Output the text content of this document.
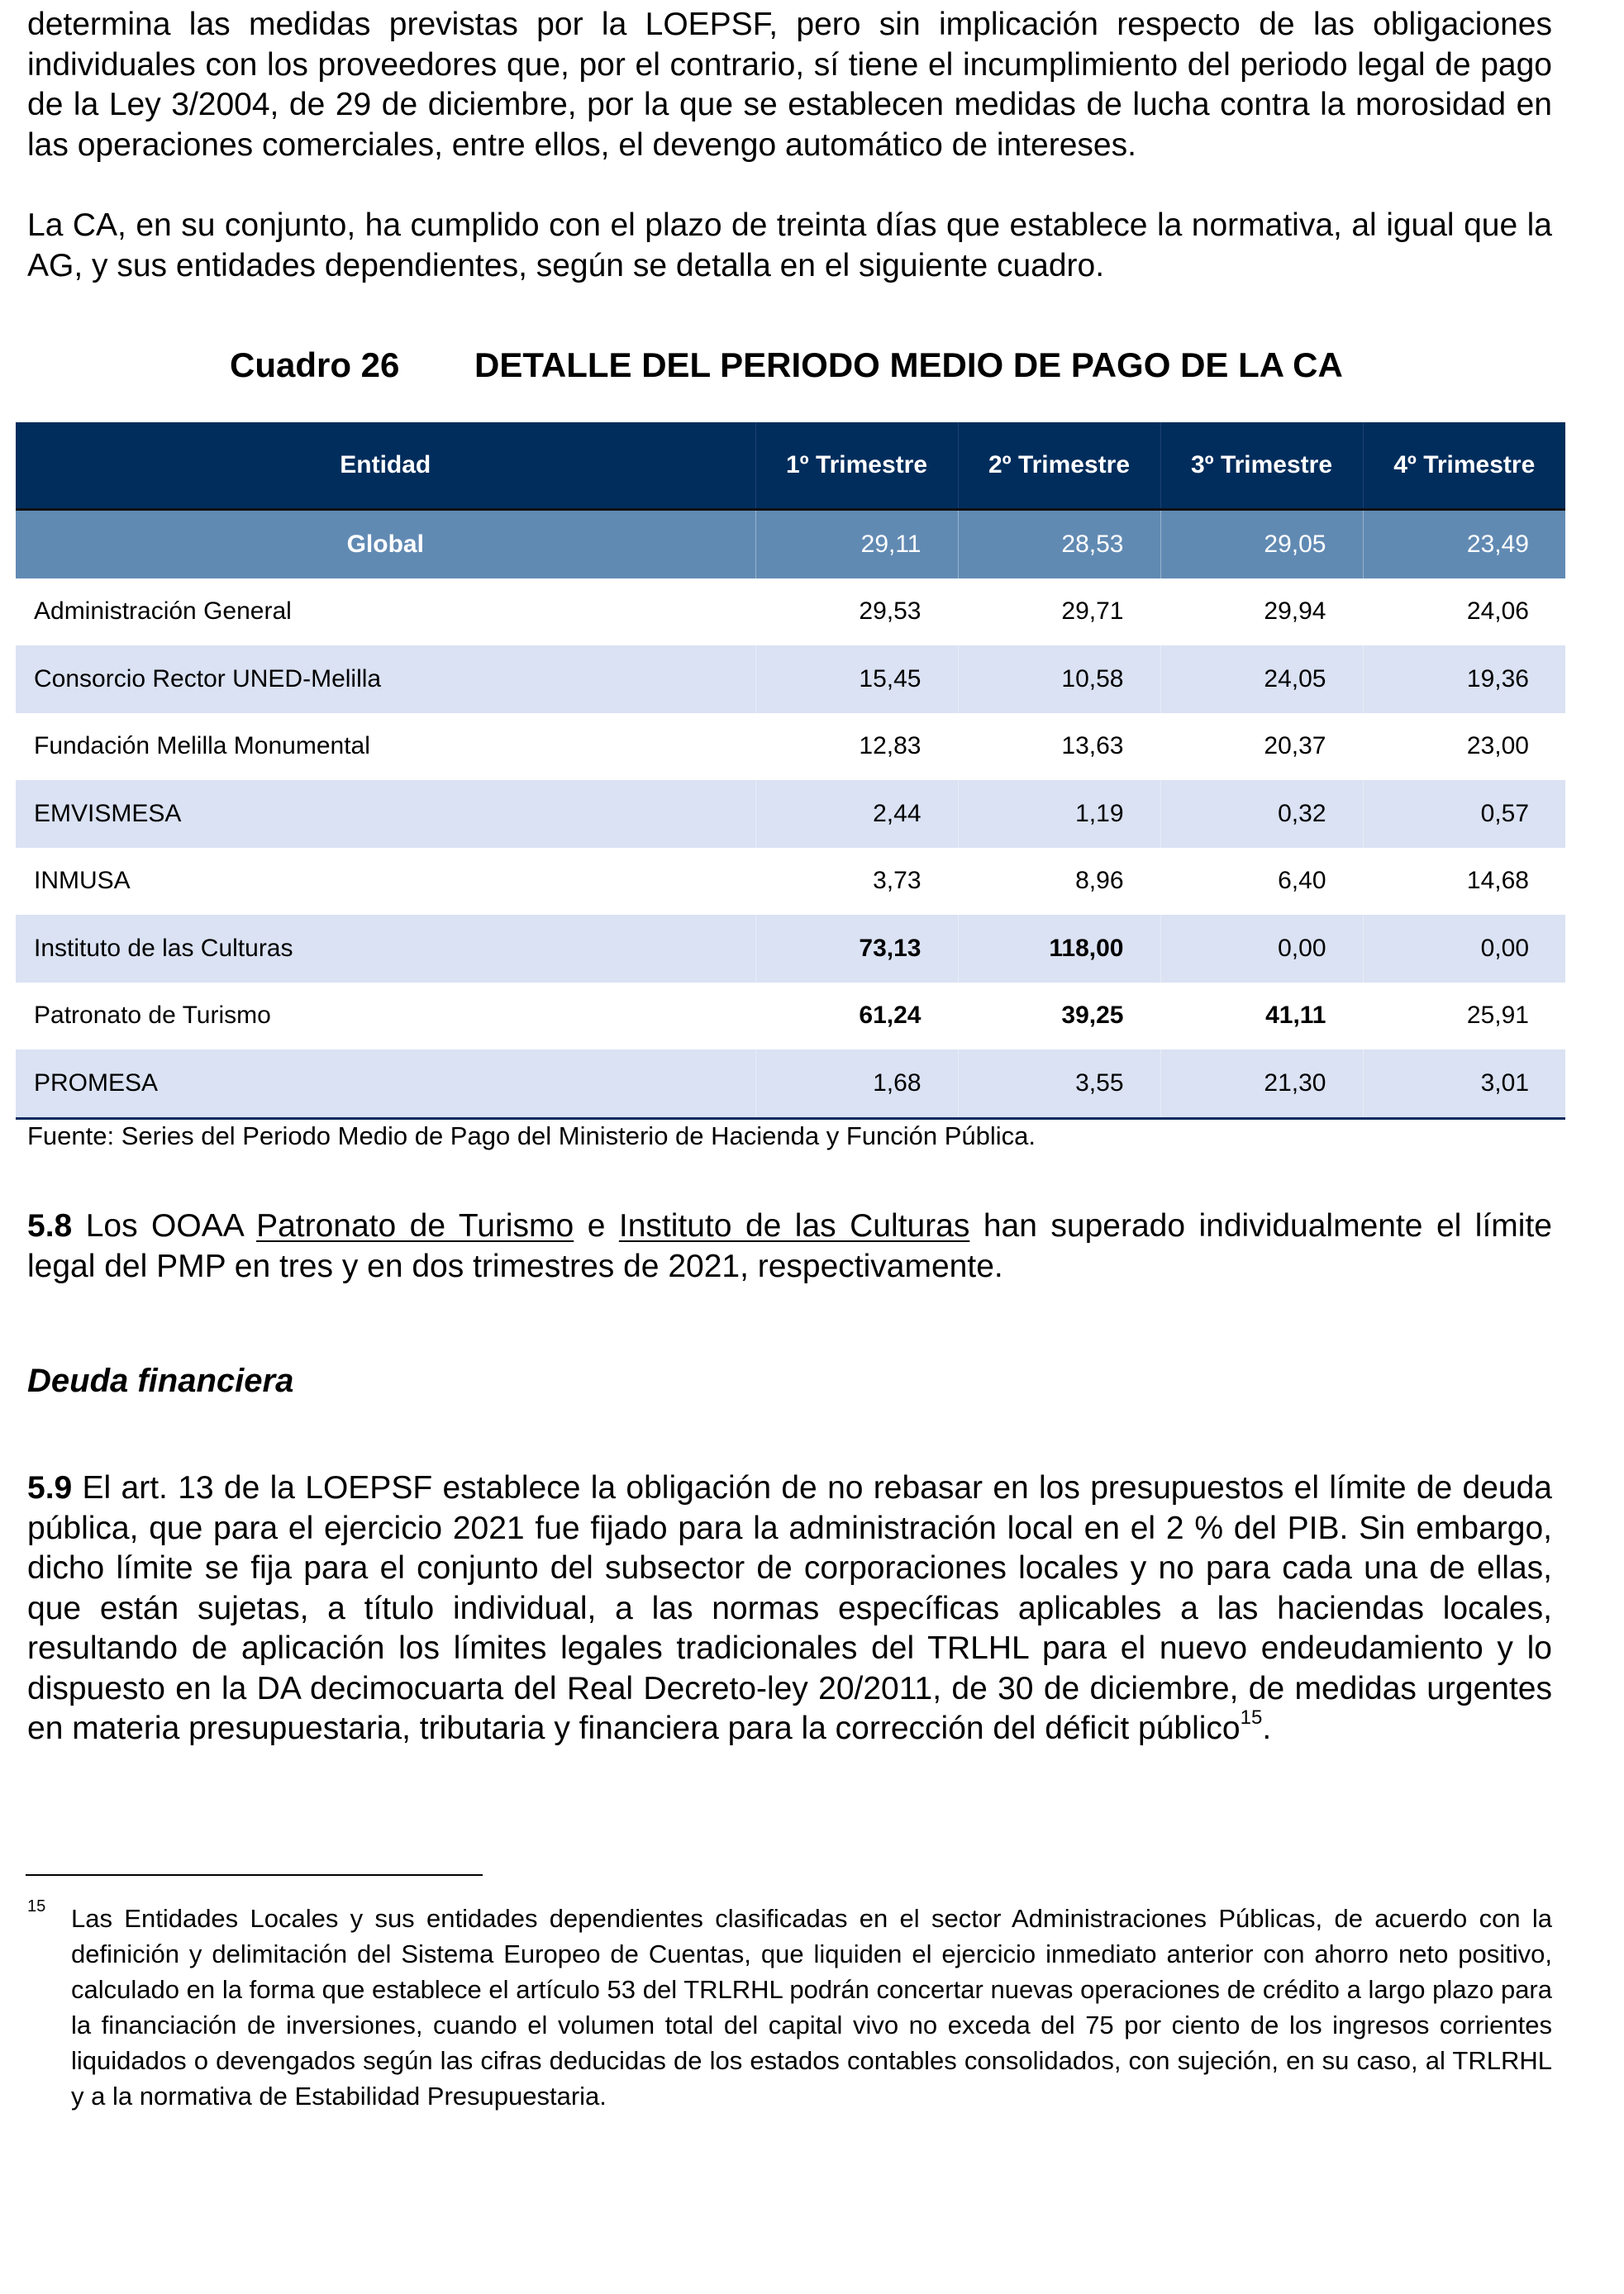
determina las medidas previstas por la LOEPSF, pero sin implicación respecto de las obligaciones individuales con los proveedores que, por el contrario, sí tiene el incumplimiento del periodo legal de pago de la Ley 3/2004, de 29 de diciembre, por la que se establecen medidas de lucha contra la morosidad en las operaciones comerciales, entre ellos, el devengo automático de intereses.

La CA, en su conjunto, ha cumplido con el plazo de treinta días que establece la normativa, al igual que la AG, y sus entidades dependientes, según se detalla en el siguiente cuadro.

Cuadro 26 DETALLE DEL PERIODO MEDIO DE PAGO DE LA CA
Entidad	1º Trimestre	2º Trimestre	3º Trimestre	4º Trimestre
Global	29,11	28,53	29,05	23,49
Administración General	29,53	29,71	29,94	24,06
Consorcio Rector UNED-Melilla	15,45	10,58	24,05	19,36
Fundación Melilla Monumental	12,83	13,63	20,37	23,00
EMVISMESA	2,44	1,19	0,32	0,57
INMUSA	3,73	8,96	6,40	14,68
Instituto de las Culturas	73,13	118,00	0,00	0,00
Patronato de Turismo	61,24	39,25	41,11	25,91
PROMESA	1,68	3,55	21,30	3,01
Fuente: Series del Periodo Medio de Pago del Ministerio de Hacienda y Función Pública.

5.8 Los OOAA Patronato de Turismo e Instituto de las Culturas han superado individualmente el límite legal del PMP en tres y en dos trimestres de 2021, respectivamente.

Deuda financiera

5.9 El art. 13 de la LOEPSF establece la obligación de no rebasar en los presupuestos el límite de deuda pública, que para el ejercicio 2021 fue fijado para la administración local en el 2 % del PIB. Sin embargo, dicho límite se fija para el conjunto del subsector de corporaciones locales y no para cada una de ellas, que están sujetas, a título individual, a las normas específicas aplicables a las haciendas locales, resultando de aplicación los límites legales tradicionales del TRLHL para el nuevo endeudamiento y lo dispuesto en la DA decimocuarta del Real Decreto-ley 20/2011, de 30 de diciembre, de medidas urgentes en materia presupuestaria, tributaria y financiera para la corrección del déficit público$^{15}$.

15 Las Entidades Locales y sus entidades dependientes clasificadas en el sector Administraciones Públicas, de acuerdo con la definición y delimitación del Sistema Europeo de Cuentas, que liquiden el ejercicio inmediato anterior con ahorro neto positivo, calculado en la forma que establece el artículo 53 del TRLRHL podrán concertar nuevas operaciones de crédito a largo plazo para la financiación de inversiones, cuando el volumen total del capital vivo no exceda del 75 por ciento de los ingresos corrientes liquidados o devengados según las cifras deducidas de los estados contables consolidados, con sujeción, en su caso, al TRLRHL y a la normativa de Estabilidad Presupuestaria.
